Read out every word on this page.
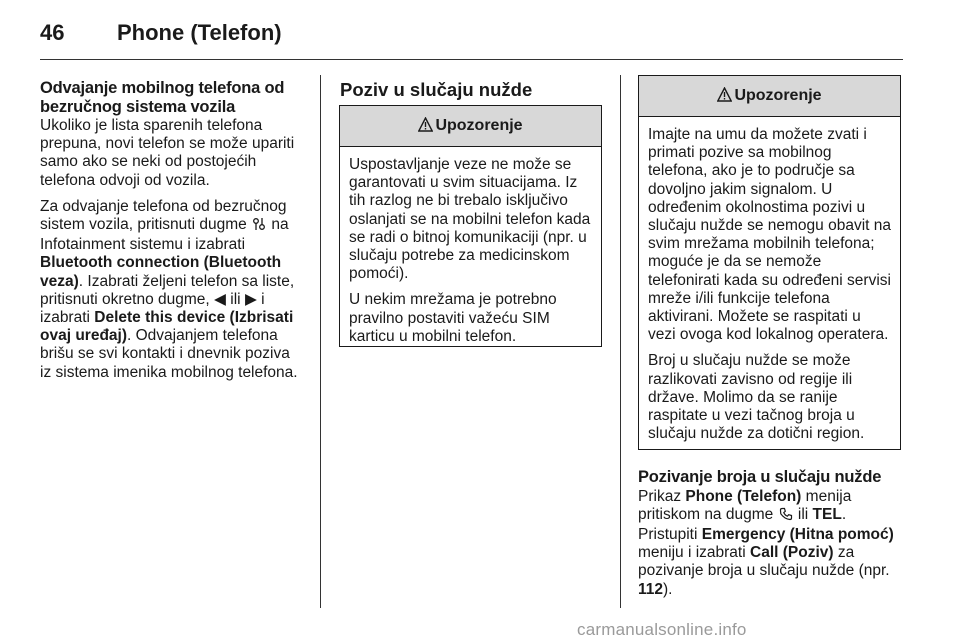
46 Phone (Telefon)
Odvajanje mobilnog telefona od bezručnog sistema vozila

Ukoliko je lista sparenih telefona prepuna, novi telefon se može upariti samo ako se neki od postojećih telefona odvoji od vozila.

Za odvajanje telefona od bezručnog sistem vozila, pritisnuti dugme na Infotainment sistemu i izabrati Bluetooth connection (Bluetooth veza). Izabrati željeni telefon sa liste, pritisnuti okretno dugme, ◀ ili ▶ i izabrati Delete this device (Izbrisati ovaj uređaj). Odvajanjem telefona brišu se svi kontakti i dnevnik poziva iz sistema imenika mobilnog telefona.

Poziv u slučaju nužde
Upozorenje

Uspostavljanje veze ne može se garantovati u svim situacijama. Iz tih razlog ne bi trebalo isključivo oslanjati se na mobilni telefon kada se radi o bitnoj komunikaciji (npr. u slučaju potrebe za medicinskom pomoći).

U nekim mrežama je potrebno pravilno postaviti važeću SIM karticu u mobilni telefon.

Upozorenje

Imajte na umu da možete zvati i primati pozive sa mobilnog telefona, ako je to područje sa dovoljno jakim signalom. U određenim okolnostima pozivi u slučaju nužde se nemogu obavit na svim mrežama mobilnih telefona; moguće je da se nemože telefonirati kada su određeni servisi mreže i/ili funkcije telefona aktivirani. Možete se raspitati u vezi ovoga kod lokalnog operatera.

Broj u slučaju nužde se može razlikovati zavisno od regije ili države. Molimo da se ranije raspitate u vezi tačnog broja u slučaju nužde za dotični region.

Pozivanje broja u slučaju nužde

Prikaz Phone (Telefon) menija pritiskom na dugme ili TEL.

Pristupiti Emergency (Hitna pomoć) meniju i izabrati Call (Poziv) za pozivanje broja u slučaju nužde (npr. 112).

carmanualsonline.info
